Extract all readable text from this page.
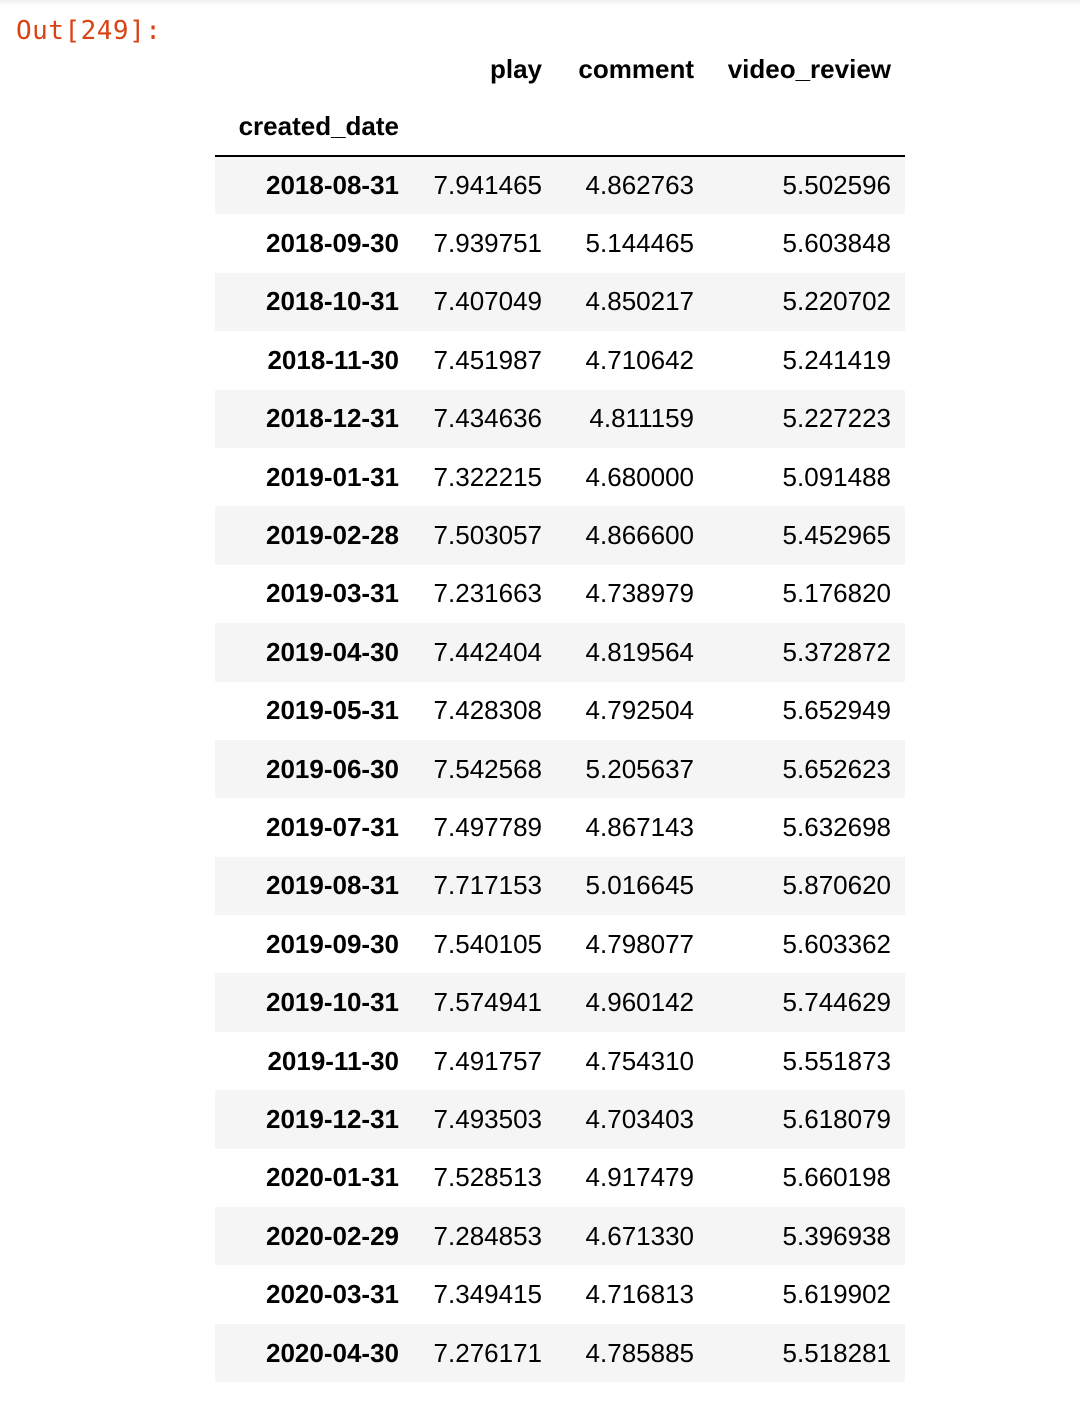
Out[249]:
	play	comment	video_review
created_date			
2018-08-31	7.941465	4.862763	5.502596
2018-09-30	7.939751	5.144465	5.603848
2018-10-31	7.407049	4.850217	5.220702
2018-11-30	7.451987	4.710642	5.241419
2018-12-31	7.434636	4.811159	5.227223
2019-01-31	7.322215	4.680000	5.091488
2019-02-28	7.503057	4.866600	5.452965
2019-03-31	7.231663	4.738979	5.176820
2019-04-30	7.442404	4.819564	5.372872
2019-05-31	7.428308	4.792504	5.652949
2019-06-30	7.542568	5.205637	5.652623
2019-07-31	7.497789	4.867143	5.632698
2019-08-31	7.717153	5.016645	5.870620
2019-09-30	7.540105	4.798077	5.603362
2019-10-31	7.574941	4.960142	5.744629
2019-11-30	7.491757	4.754310	5.551873
2019-12-31	7.493503	4.703403	5.618079
2020-01-31	7.528513	4.917479	5.660198
2020-02-29	7.284853	4.671330	5.396938
2020-03-31	7.349415	4.716813	5.619902
2020-04-30	7.276171	4.785885	5.518281
